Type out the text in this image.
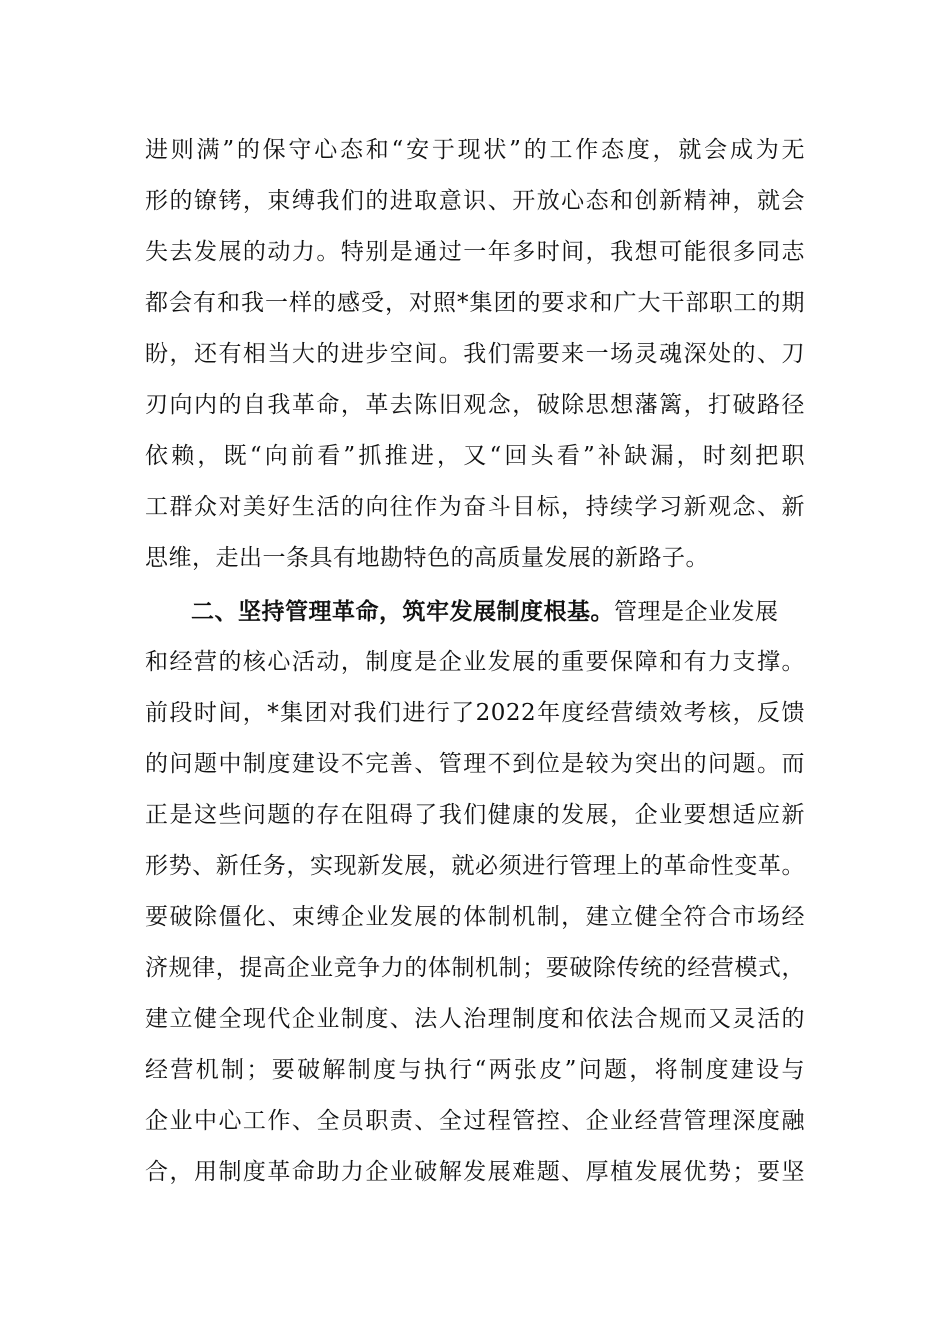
进则满”的保守心态和“安于现状”的工作态度，就会成为无
形的镣铐，束缚我们的进取意识、开放心态和创新精神，就会
失去发展的动力。特别是通过一年多时间，我想可能很多同志
都会有和我一样的感受，对照*集团的要求和广大干部职工的期
盼，还有相当大的进步空间。我们需要来一场灵魂深处的、刀
刃向内的自我革命，革去陈旧观念，破除思想藩篱，打破路径
依赖，既“向前看”抓推进，又“回头看”补缺漏，时刻把职
工群众对美好生活的向往作为奋斗目标，持续学习新观念、新
思维，走出一条具有地勘特色的高质量发展的新路子。
二、坚持管理革命，筑牢发展制度根基。管理是企业发展
和经营的核心活动，制度是企业发展的重要保障和有力支撑。
前段时间，*集团对我们进行了2022年度经营绩效考核，反馈
的问题中制度建设不完善、管理不到位是较为突出的问题。而
正是这些问题的存在阻碍了我们健康的发展，企业要想适应新
形势、新任务，实现新发展，就必须进行管理上的革命性变革。
要破除僵化、束缚企业发展的体制机制，建立健全符合市场经
济规律，提高企业竞争力的体制机制；要破除传统的经营模式，
建立健全现代企业制度、法人治理制度和依法合规而又灵活的
经营机制；要破解制度与执行“两张皮”问题，将制度建设与
企业中心工作、全员职责、全过程管控、企业经营管理深度融
合，用制度革命助力企业破解发展难题、厚植发展优势；要坚
